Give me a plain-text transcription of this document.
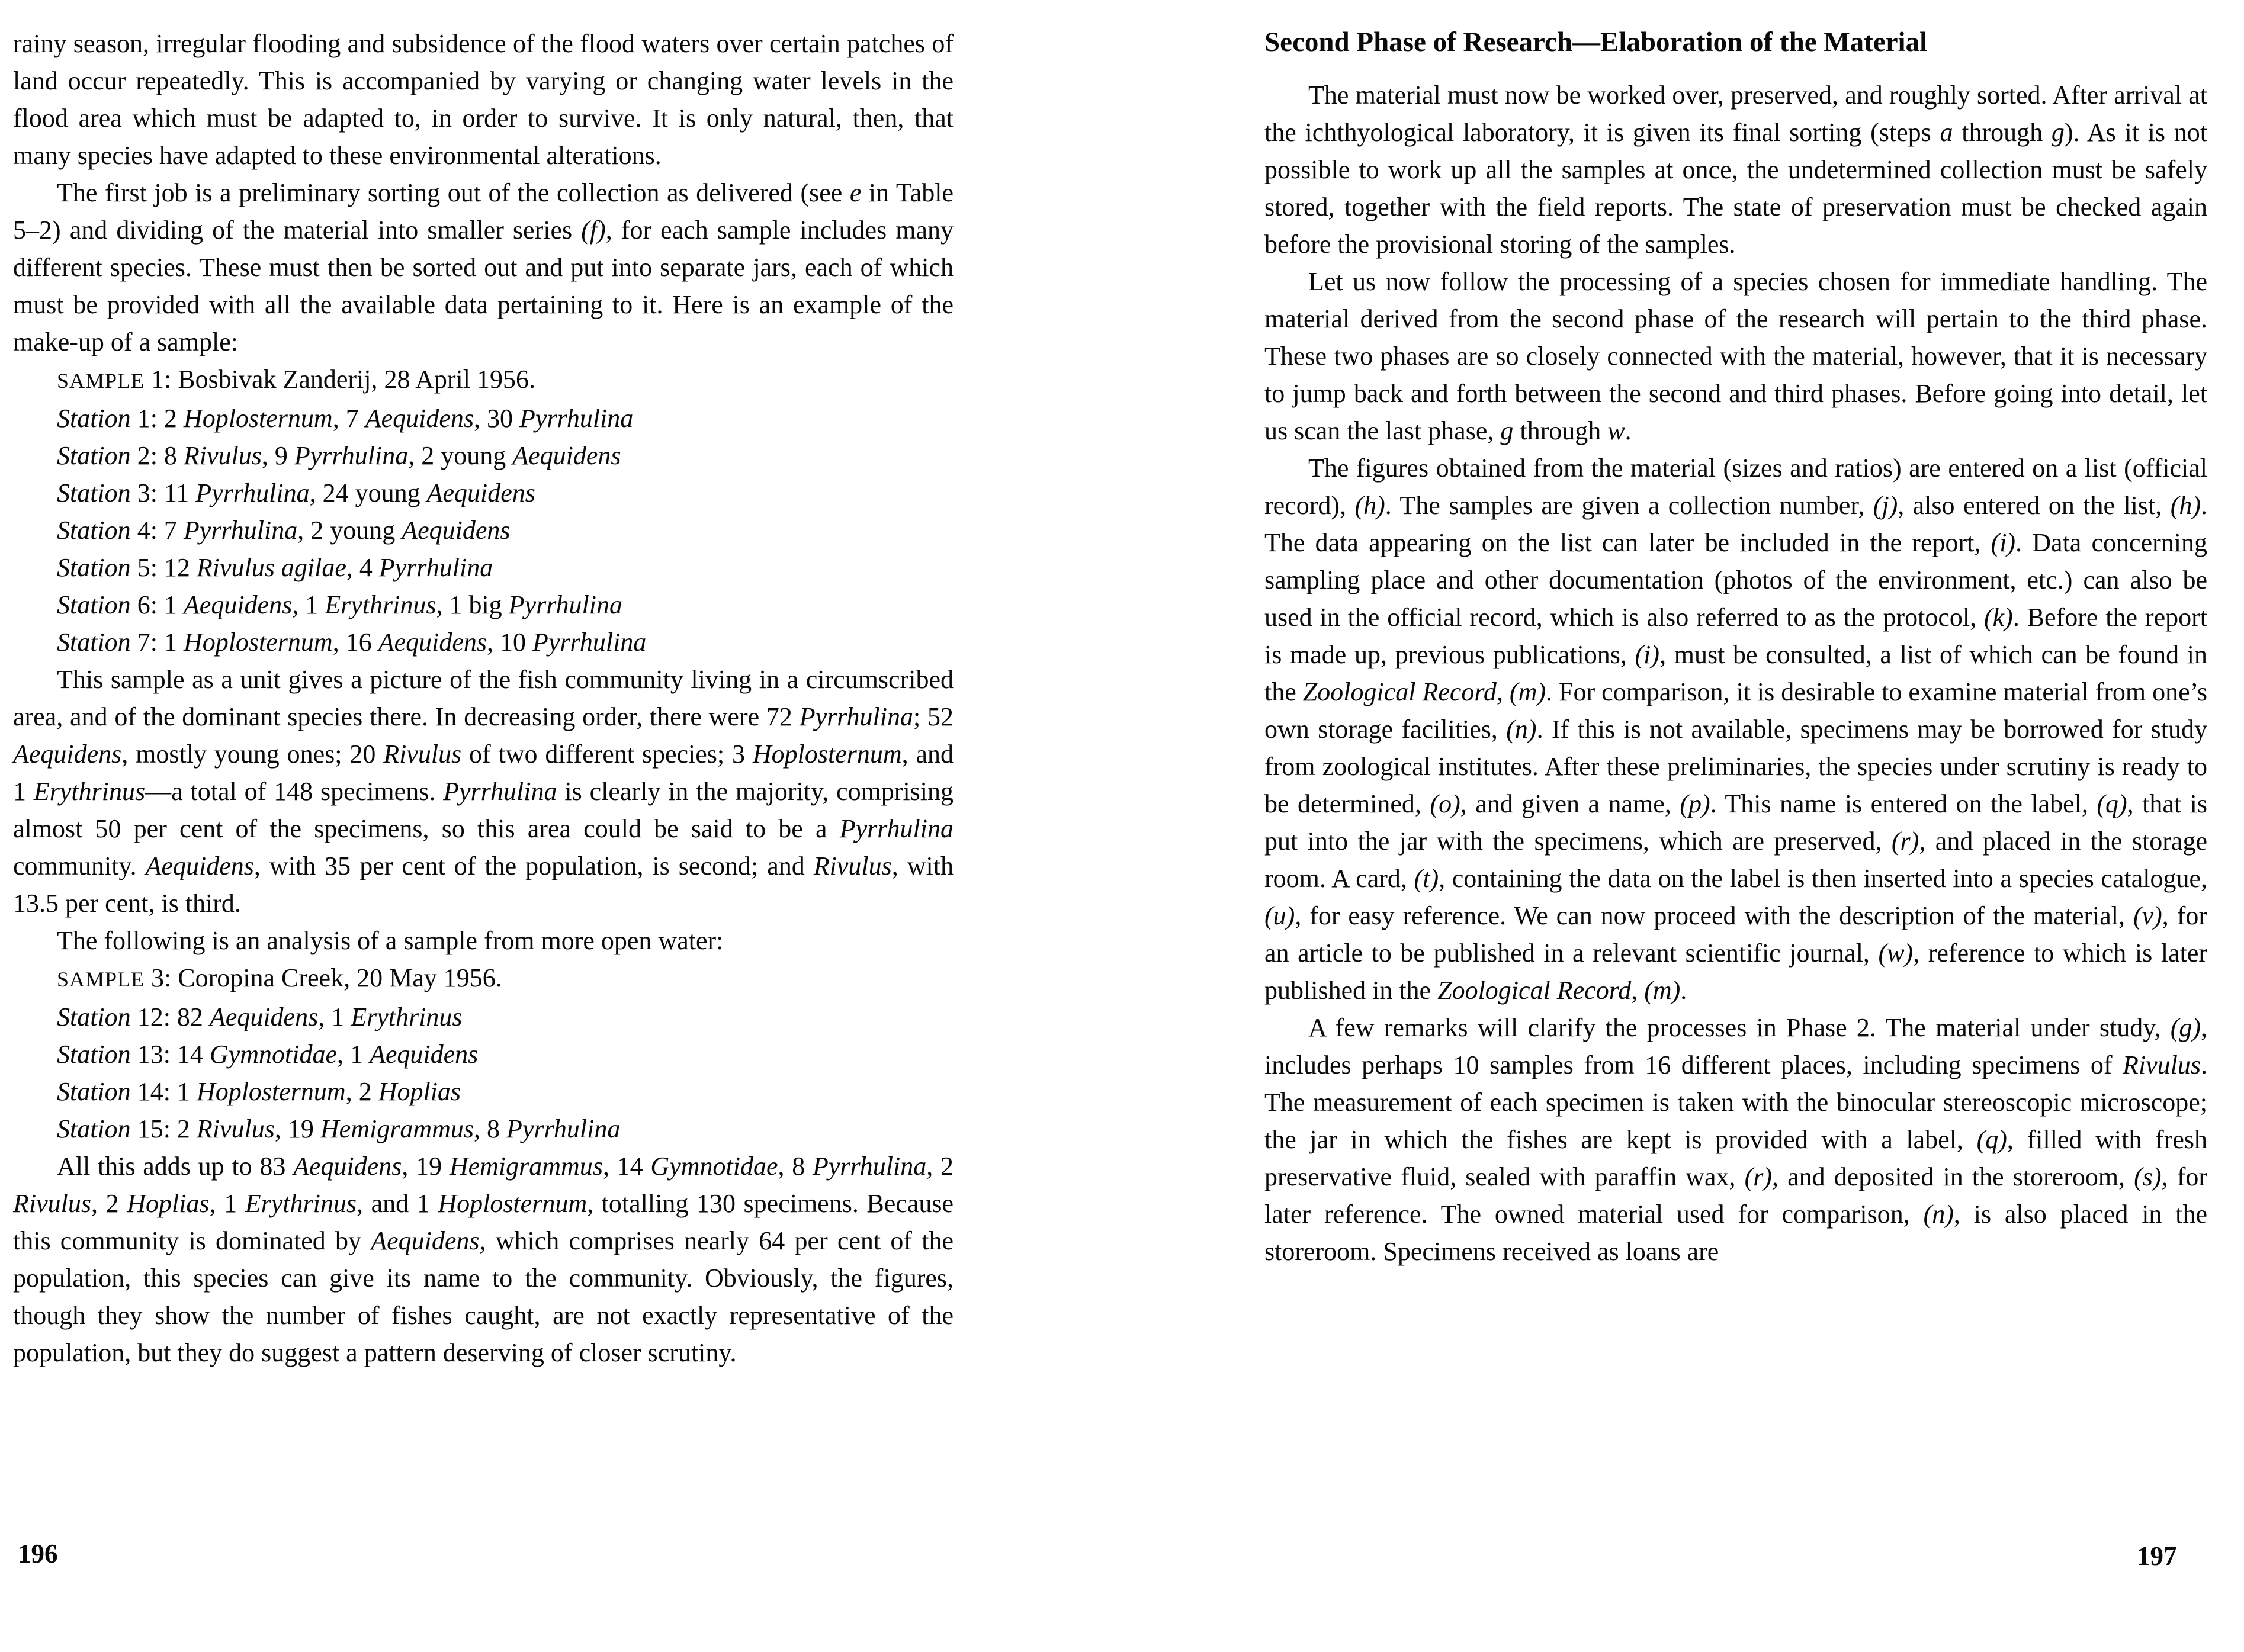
rainy season, irregular flooding and subsidence of the flood waters over certain patches of land occur repeatedly. This is accompanied by varying or changing water levels in the flood area which must be adapted to, in order to survive. It is only natural, then, that many species have adapted to these environmental alterations.

The first job is a preliminary sorting out of the collection as delivered (see e in Table 5–2) and dividing of the material into smaller series (f), for each sample includes many different species. These must then be sorted out and put into separate jars, each of which must be provided with all the available data pertaining to it. Here is an example of the make-up of a sample:

SAMPLE 1: Bosbivak Zanderij, 28 April 1956.

Station 1: 2 Hoplosternum, 7 Aequidens, 30 Pyrrhulina

Station 2: 8 Rivulus, 9 Pyrrhulina, 2 young Aequidens

Station 3: 11 Pyrrhulina, 24 young Aequidens

Station 4: 7 Pyrrhulina, 2 young Aequidens

Station 5: 12 Rivulus agilae, 4 Pyrrhulina

Station 6: 1 Aequidens, 1 Erythrinus, 1 big Pyrrhulina

Station 7: 1 Hoplosternum, 16 Aequidens, 10 Pyrrhulina

This sample as a unit gives a picture of the fish community living in a circumscribed area, and of the dominant species there. In decreasing order, there were 72 Pyrrhulina; 52 Aequidens, mostly young ones; 20 Rivulus of two different species; 3 Hoplosternum, and 1 Erythrinus—a total of 148 specimens. Pyrrhulina is clearly in the majority, comprising almost 50 per cent of the specimens, so this area could be said to be a Pyrrhulina community. Aequidens, with 35 per cent of the population, is second; and Rivulus, with 13.5 per cent, is third.

The following is an analysis of a sample from more open water:

SAMPLE 3: Coropina Creek, 20 May 1956.

Station 12: 82 Aequidens, 1 Erythrinus

Station 13: 14 Gymnotidae, 1 Aequidens

Station 14: 1 Hoplosternum, 2 Hoplias

Station 15: 2 Rivulus, 19 Hemigrammus, 8 Pyrrhulina

All this adds up to 83 Aequidens, 19 Hemigrammus, 14 Gymnotidae, 8 Pyrrhulina, 2 Rivulus, 2 Hoplias, 1 Erythrinus, and 1 Hoplosternum, totalling 130 specimens. Because this community is dominated by Aequidens, which comprises nearly 64 per cent of the population, this species can give its name to the community. Obviously, the figures, though they show the number of fishes caught, are not exactly representative of the population, but they do suggest a pattern deserving of closer scrutiny.

Second Phase of Research—Elaboration of the Material

The material must now be worked over, preserved, and roughly sorted. After arrival at the ichthyological laboratory, it is given its final sorting (steps a through g). As it is not possible to work up all the samples at once, the undetermined collection must be safely stored, together with the field reports. The state of preservation must be checked again before the provisional storing of the samples.

Let us now follow the processing of a species chosen for immediate handling. The material derived from the second phase of the research will pertain to the third phase. These two phases are so closely connected with the material, however, that it is necessary to jump back and forth between the second and third phases. Before going into detail, let us scan the last phase, g through w.

The figures obtained from the material (sizes and ratios) are entered on a list (official record), (h). The samples are given a collection number, (j), also entered on the list, (h). The data appearing on the list can later be included in the report, (i). Data concerning sampling place and other documentation (photos of the environment, etc.) can also be used in the official record, which is also referred to as the protocol, (k). Before the report is made up, previous publications, (i), must be consulted, a list of which can be found in the Zoological Record, (m). For comparison, it is desirable to examine material from one’s own storage facilities, (n). If this is not available, specimens may be borrowed for study from zoological institutes. After these preliminaries, the species under scrutiny is ready to be determined, (o), and given a name, (p). This name is entered on the label, (q), that is put into the jar with the specimens, which are preserved, (r), and placed in the storage room. A card, (t), containing the data on the label is then inserted into a species catalogue, (u), for easy reference. We can now proceed with the description of the material, (v), for an article to be published in a relevant scientific journal, (w), reference to which is later published in the Zoological Record, (m).

A few remarks will clarify the processes in Phase 2. The material under study, (g), includes perhaps 10 samples from 16 different places, including specimens of Rivulus. The measurement of each specimen is taken with the binocular stereoscopic microscope; the jar in which the fishes are kept is provided with a label, (q), filled with fresh preservative fluid, sealed with paraffin wax, (r), and deposited in the storeroom, (s), for later reference. The owned material used for comparison, (n), is also placed in the storeroom. Specimens received as loans are

196	197
